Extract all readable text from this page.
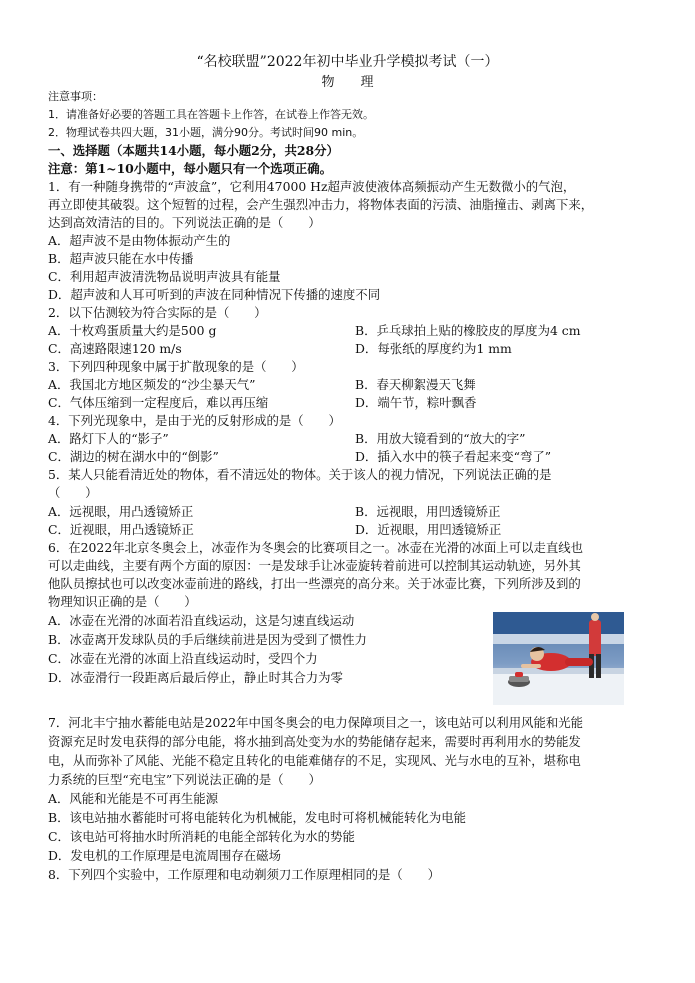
“名校联盟”2022年初中毕业升学模拟考试（一）
物　　理
注意事项：
1．请准备好必要的答题工具在答题卡上作答，在试卷上作答无效。
2．物理试卷共四大题，31小题，满分90分。考试时间90 min。
一、选择题（本题共14小题，每小题2分，共28分）
注意：第1~10小题中，每小题只有一个选项正确。
1．有一种随身携带的“声波盒”，它利用47000 Hz超声波使液体高频振动产生无数微小的气泡，
再立即使其破裂。这个短暂的过程，会产生强烈冲击力，将物体表面的污渍、油脂撞击、剥离下来，
达到高效清洁的目的。下列说法正确的是（　　）
A．超声波不是由物体振动产生的
B．超声波只能在水中传播
C．利用超声波清洗物品说明声波具有能量
D．超声波和人耳可听到的声波在同种情况下传播的速度不同
2．以下估测较为符合实际的是（　　）
A．十枚鸡蛋质量大约是500 g	B．乒乓球拍上贴的橡胶皮的厚度为4 cm
C．高速路限速120 m/s	D．每张纸的厚度约为1 mm
3．下列四种现象中属于扩散现象的是（　　）
A．我国北方地区频发的“沙尘暴天气”	B．春天柳絮漫天飞舞
C．气体压缩到一定程度后，难以再压缩	D．端午节，粽叶飘香
4．下列光现象中，是由于光的反射形成的是（　　）
A．路灯下人的“影子”	B．用放大镜看到的“放大的字”
C．湖边的树在湖水中的“倒影”	D．插入水中的筷子看起来变“弯了”
5．某人只能看清近处的物体，看不清远处的物体。关于该人的视力情况，下列说法正确的是
（　　）
A．远视眼，用凸透镜矫正	B．远视眼，用凹透镜矫正
C．近视眼，用凸透镜矫正	D．近视眼，用凹透镜矫正
6．在2022年北京冬奥会上，冰壶作为冬奥会的比赛项目之一。冰壶在光滑的冰面上可以走直线也
可以走曲线，主要有两个方面的原因：一是发球手让冰壶旋转着前进可以控制其运动轨迹，另外其
他队员擦拭也可以改变冰壶前进的路线，打出一些漂亮的高分来。关于冰壶比赛，下列所涉及到的
物理知识正确的是（　　）
A．冰壶在光滑的冰面若沿直线运动，这是匀速直线运动
B．冰壶离开发球队员的手后继续前进是因为受到了惯性力
C．冰壶在光滑的冰面上沿直线运动时，受四个力
D．冰壶滑行一段距离后最后停止，静止时其合力为零
7．河北丰宁抽水蓄能电站是2022年中国冬奥会的电力保障项目之一，该电站可以利用风能和光能
资源充足时发电获得的部分电能，将水抽到高处变为水的势能储存起来，需要时再利用水的势能发
电，从而弥补了风能、光能不稳定且转化的电能难储存的不足，实现风、光与水电的互补，堪称电
力系统的巨型“充电宝”下列说法正确的是（　　）
A．风能和光能是不可再生能源
B．该电站抽水蓄能时可将电能转化为机械能，发电时可将机械能转化为电能
C．该电站可将抽水时所消耗的电能全部转化为水的势能
D．发电机的工作原理是电流周围存在磁场
8．下列四个实验中，工作原理和电动剃须刀工作原理相同的是（　　）
